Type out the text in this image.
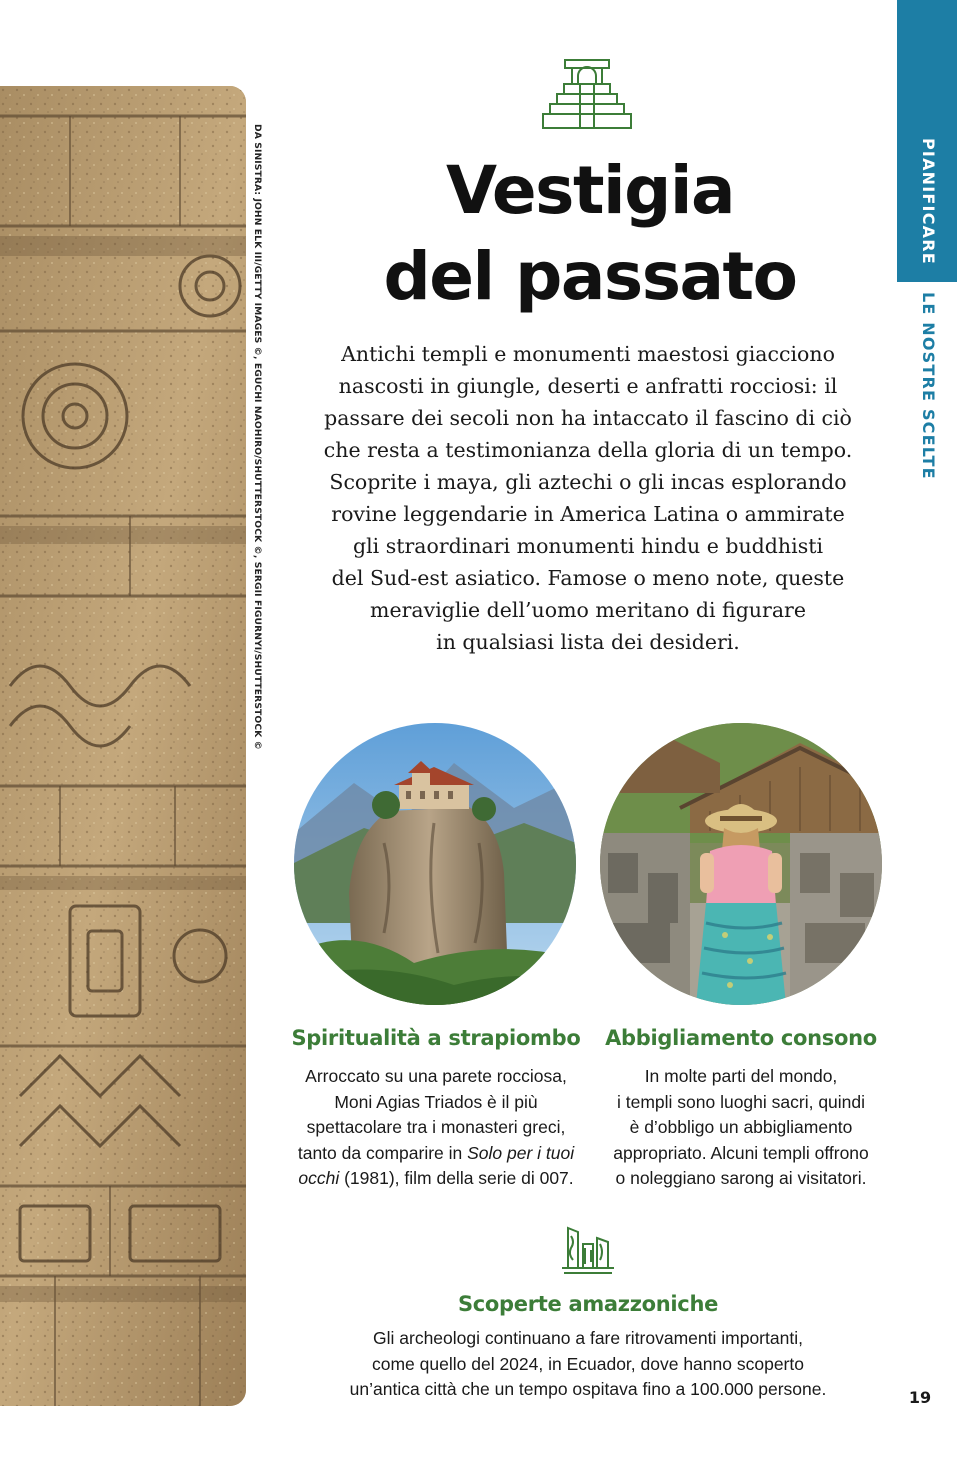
DA SINISTRA: JOHN ELK III/GETTY IMAGES ©, EGUCHI NAOHIRO/SHUTTERSTOCK ©, SERGII FIGURNYI/SHUTTERSTOCK ©	PIANIFICARE
LE NOSTRE SCELTE
Vestigia
del passato

Antichi templi e monumenti maestosi giacciono
nascosti in giungle, deserti e anfratti rocciosi: il
passare dei secoli non ha intaccato il fascino di ciò
che resta a testimonianza della gloria di un tempo.
Scoprite i maya, gli aztechi o gli incas esplorando
rovine leggendarie in America Latina o ammirate
gli straordinari monumenti hindu e buddhisti
del Sud-est asiatico. Famose o meno note, queste
meraviglie dell’uomo meritano di figurare
in qualsiasi lista dei desideri.

Spiritualità a strapiombo

Arroccato su una parete rocciosa,
Moni Agias Triados è il più
spettacolare tra i monasteri greci,
tanto da comparire in Solo per i tuoi
occhi (1981), film della serie di 007.

Abbigliamento consono

In molte parti del mondo,
i templi sono luoghi sacri, quindi
è d’obbligo un abbigliamento
appropriato. Alcuni templi offrono
o noleggiano sarong ai visitatori.

Scoperte amazzoniche

Gli archeologi continuano a fare ritrovamenti importanti,
come quello del 2024, in Ecuador, dove hanno scoperto
un’antica città che un tempo ospitava fino a 100.000 persone.	19
